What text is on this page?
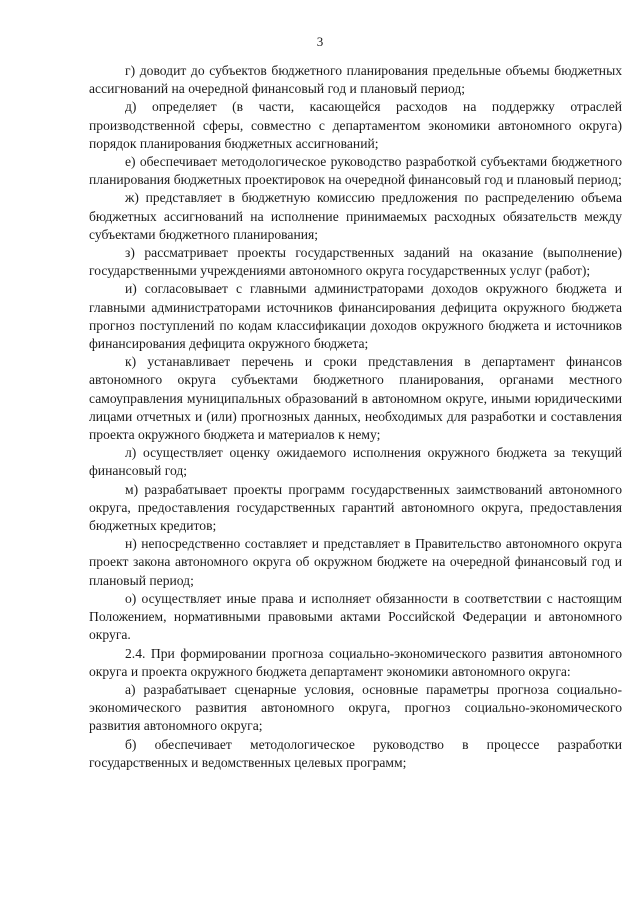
3

г) доводит до субъектов бюджетного планирования предельные объемы бюджетных ассигнований на очередной финансовый год и плановый период;

д) определяет (в части, касающейся расходов на поддержку отраслей производственной сферы, совместно с департаментом экономики автономного округа) порядок планирования бюджетных ассигнований;

е) обеспечивает методологическое руководство разработкой субъектами бюджетного планирования бюджетных проектировок на очередной финансовый год и плановый период;

ж) представляет в бюджетную комиссию предложения по распределению объема бюджетных ассигнований на исполнение принимаемых расходных обязательств между субъектами бюджетного планирования;

з) рассматривает проекты государственных заданий на оказание (выполнение) государственными учреждениями автономного округа государственных услуг (работ);

и) согласовывает с главными администраторами доходов окружного бюджета и главными администраторами источников финансирования дефицита окружного бюджета прогноз поступлений по кодам классификации доходов окружного бюджета и источников финансирования дефицита окружного бюджета;

к) устанавливает перечень и сроки представления в департамент финансов автономного округа субъектами бюджетного планирования, органами местного самоуправления муниципальных образований в автономном округе, иными юридическими лицами отчетных и (или) прогнозных данных, необходимых для разработки и составления проекта окружного бюджета и материалов к нему;

л) осуществляет оценку ожидаемого исполнения окружного бюджета за текущий финансовый год;

м) разрабатывает проекты программ государственных заимствований автономного округа, предоставления государственных гарантий автономного округа, предоставления бюджетных кредитов;

н) непосредственно составляет и представляет в Правительство автономного округа проект закона автономного округа об окружном бюджете на очередной финансовый год и плановый период;

о) осуществляет иные права и исполняет обязанности в соответствии с настоящим Положением, нормативными правовыми актами Российской Федерации и автономного округа.

2.4. При формировании прогноза социально-экономического развития автономного округа и проекта окружного бюджета департамент экономики автономного округа:

а) разрабатывает сценарные условия, основные параметры прогноза социально-экономического развития автономного округа, прогноз социально-экономического развития автономного округа;

б) обеспечивает методологическое руководство в процессе разработки государственных и ведомственных целевых программ;
